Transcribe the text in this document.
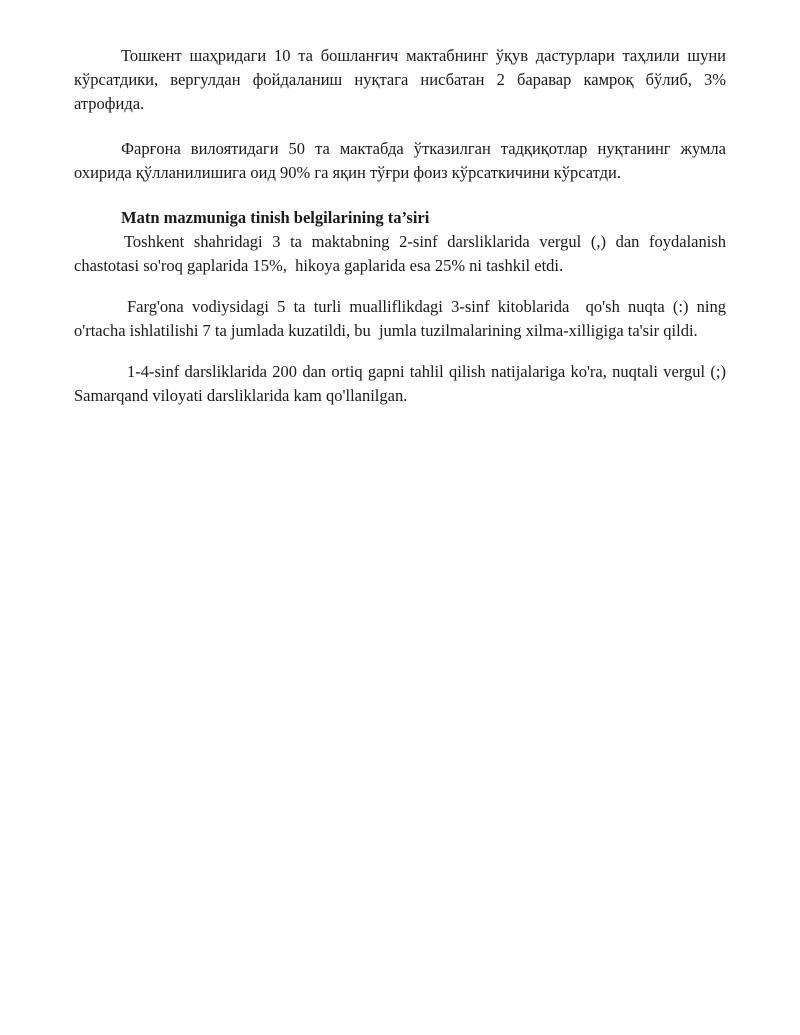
Тошкент шаҳридаги 10 та бошланғич мактабнинг ўқув дастурлари таҳлили шуни кўрсатдики, вергулдан фойдаланиш нуқтага нисбатан 2 баравар камроқ бўлиб, 3% атрофида.

Фарғона вилоятидаги 50 та мактабда ўтказилган тадқиқотлар нуқтанинг жумла охирида қўлланилишига оид 90% га яқин тўғри фоиз кўрсаткичини кўрсатди.

Matn mazmuniga tinish belgilarining ta’siri

Toshkent shahridagi 3 ta maktabning 2-sinf darsliklarida vergul (,) dan foydalanish chastotasi so'roq gaplarida 15%,  hikoya gaplarida esa 25% ni tashkil etdi.

Farg'ona vodiysidagi 5 ta turli mualliflikdagi 3-sinf kitoblarida  qo'sh nuqta (:) ning  o'rtacha ishlatilishi 7 ta jumlada kuzatildi, bu  jumla tuzilmalarining xilma-xilligiga ta'sir qildi.

1-4-sinf darsliklarida 200 dan ortiq gapni tahlil qilish natijalariga ko'ra, nuqtali vergul (;) Samarqand viloyati darsliklarida kam qo'llanilgan.
